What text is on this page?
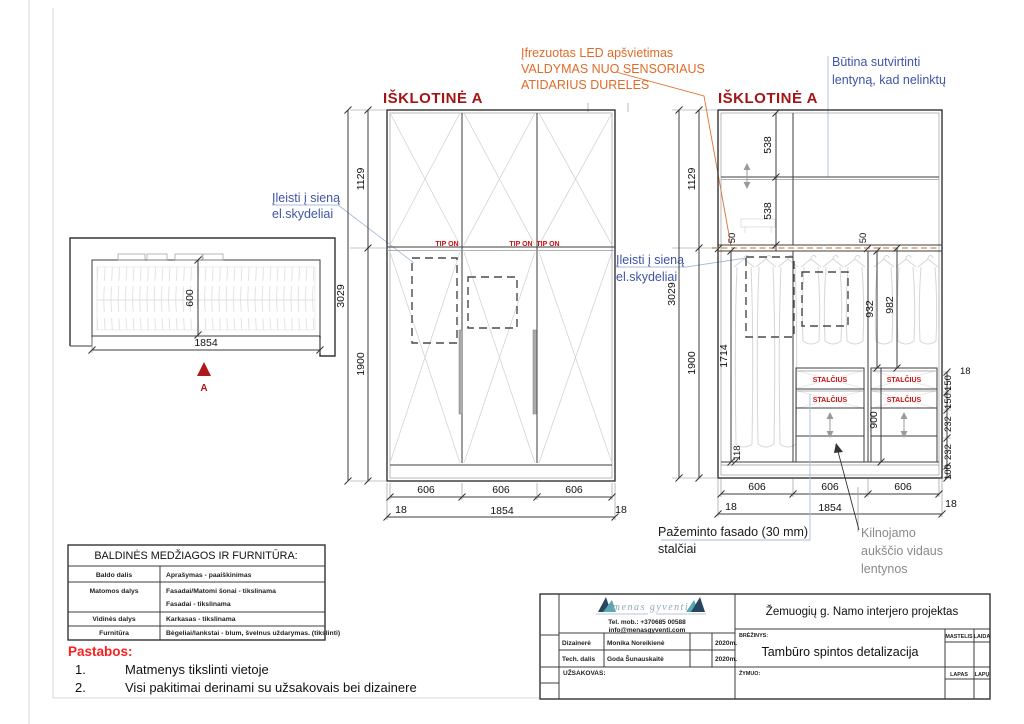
600
1854
A
Įfrezuotas LED apšvietimas
VALDYMAS NUO SENSORIAUS
ATIDARIUS DURELES
Būtina sutvirtinti
lentyną, kad nelinktų
Įleisti į sieną
el.skydeliai
Įleisti į sieną
el.skydeliai
IŠKLOTINĖ A
TIP ON	TIP ON TIP ON
1129
1900
3029
606	606	606
18	1854	18
IŠKLOTINĖ A
STALČIUS
STALČIUS
STALČIUS
STALČIUS
538
538
50	50
1714
932 982
900
118
18
150
150
232
232
100
1129
1900
3029
606	606	606
18	1854	18
Pažeminto fasado (30 mm)
stalčiai
Kilnojamo
aukščio vidaus
lentynos
BALDINĖS MEDŽIAGOS IR FURNITŪRA:
Baldo dalis	Aprašymas - paaiškinimas
Matomos dalys	Fasadai/Matomi šonai - tikslinama
Fasadai - tikslinama
Vidinės dalys	Karkasas - tikslinama
Furnitūra	Bėgeliai/lankstai - blum, švelnus uždarymas. (tikslinti)
Pastabos:
1.	Matmenys tikslinti vietoje
2.	Visi pakitimai derinami su užsakovais bei dizainere
menas gyventi
Tel. mob.: +370685 00588
info@menasgyventi.com
Dizainerė Monika Noreikienė	2020m.
Tech. dalis Goda Šunauskaitė	2020m.
UŽSAKOVAS:
Žemuogių g. Namo interjero projektas
BRĖŽINYS:
Tambūro spintos detalizacija
ŽYMUO:
MASTELIS LAIDA
LAPAS LAPŲ
